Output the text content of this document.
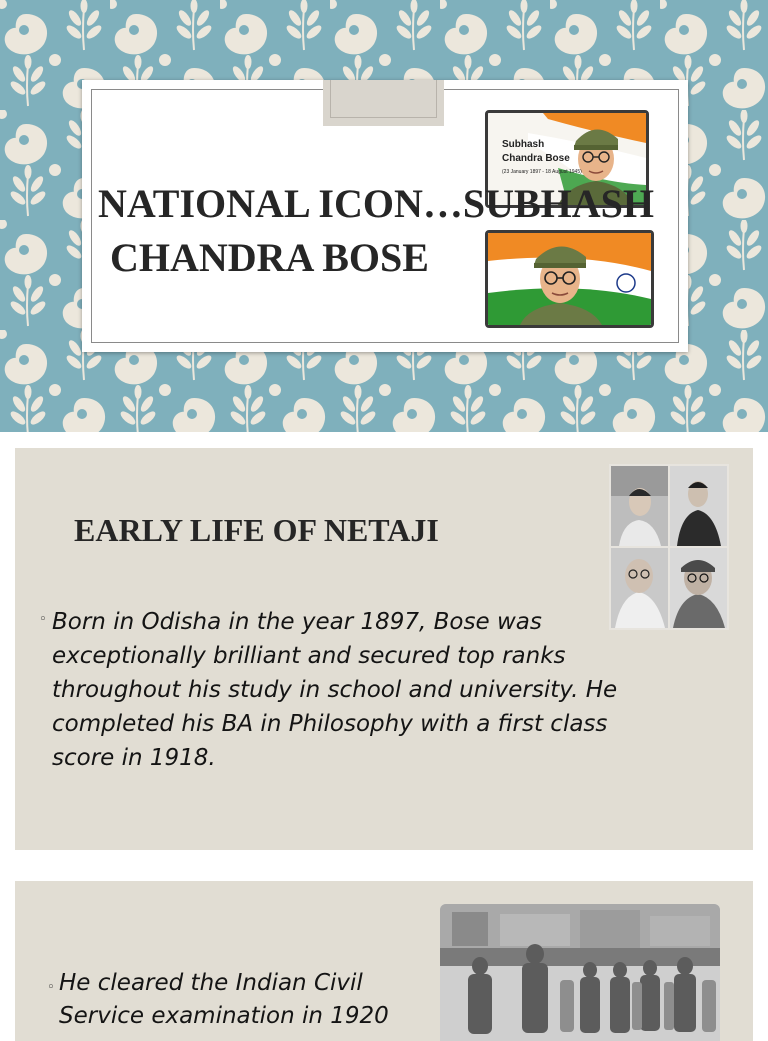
Subhash
Chandra Bose
(23 January 1897 - 18 August 1945)
NATIONAL ICON…SUBHASH
CHANDRA BOSE
EARLY LIFE OF NETAJI
◦ Born in Odisha in the year 1897, Bose was exceptionally brilliant and secured top ranks throughout his study in school and university. He completed his BA in Philosophy with a first class score in 1918.

◦ He cleared the Indian Civil Service examination in 1920
